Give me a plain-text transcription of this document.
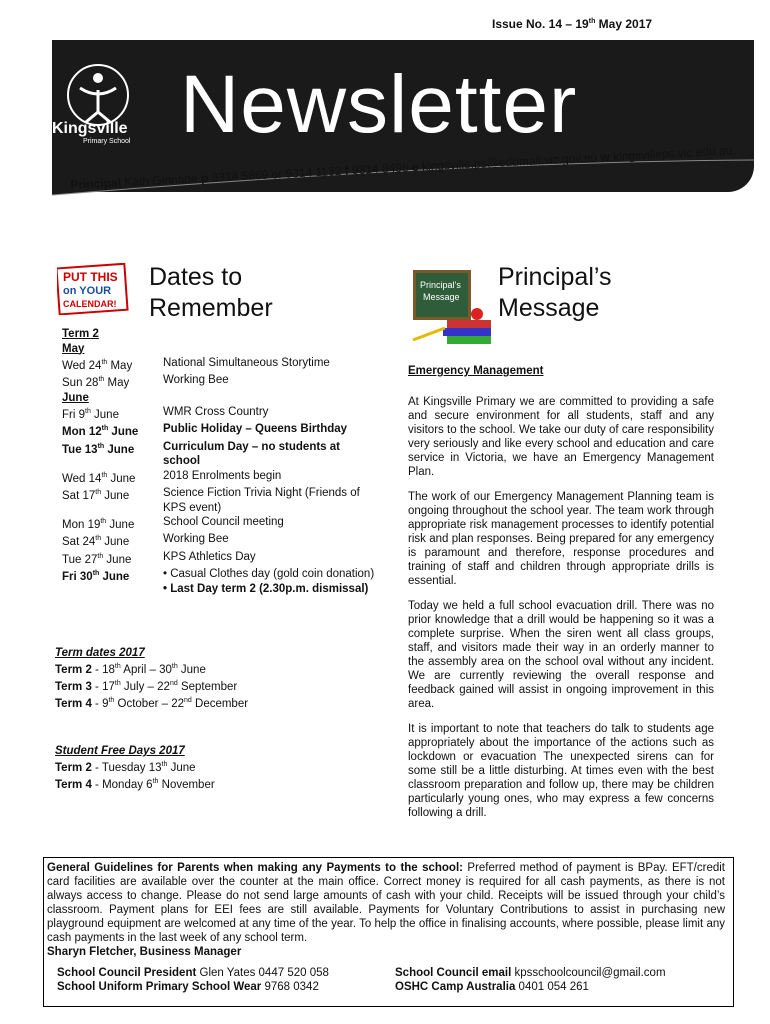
Issue No. 14 – 19th May 2017
Kingsville
Primary School Newsletter
Principal Kath Ginnane p 9314 5869 or 9314 1132 f 9314 8498 e kingsville.ps@edumail.vic.gov.au w kingsvilleps.vic.edu.au
PUT THIS
on YOUR
CALENDAR!
Dates to
Remember
Principal’s
Message
Principal’s
Message
Term 2
May
Wed 24th May	National Simultaneous Storytime
Sun 28th May	Working Bee
June
Fri 9th June	WMR Cross Country
Mon 12th June	Public Holiday – Queens Birthday
Tue 13th June	Curriculum Day – no students at school
Wed 14th June	2018 Enrolments begin
Sat 17th June	Science Fiction Trivia Night (Friends of KPS event)
Mon 19th June	School Council meeting
Sat 24th June	Working Bee
Tue 27th June	KPS Athletics Day
Fri 30th June	• Casual Clothes day (gold coin donation)
• Last Day term 2 (2.30p.m. dismissal)
Term dates 2017
Term 2 - 18th April – 30th June
Term 3 - 17th July – 22nd September
Term 4 - 9th October – 22nd December
Student Free Days 2017
Term 2 - Tuesday 13th June
Term 4 - Monday 6th November
Emergency Management

At Kingsville Primary we are committed to providing a safe and secure environment for all students, staff and any visitors to the school. We take our duty of care responsibility very seriously and like every school and education and care service in Victoria, we have an Emergency Management Plan.

The work of our Emergency Management Planning team is ongoing throughout the school year. The team work through appropriate risk management processes to identify potential risk and plan responses. Being prepared for any emergency is paramount and therefore, response procedures and training of staff and children through appropriate drills is essential.

Today we held a full school evacuation drill. There was no prior knowledge that a drill would be happening so it was a complete surprise. When the siren went all class groups, staff, and visitors made their way in an orderly manner to the assembly area on the school oval without any incident. We are currently reviewing the overall response and feedback gained will assist in ongoing improvement in this area.

It is important to note that teachers do talk to students age appropriately about the importance of the actions such as lockdown or evacuation The unexpected sirens can for some still be a little disturbing. At times even with the best classroom preparation and follow up, there may be children particularly young ones, who may express a few concerns following a drill.

General Guidelines for Parents when making any Payments to the school: Preferred method of payment is BPay. EFT/credit card facilities are available over the counter at the main office. Correct money is required for all cash payments, as there is not always access to change. Please do not send large amounts of cash with your child. Receipts will be issued through your child’s classroom. Payment plans for EEI fees are still available. Payments for Voluntary Contributions to assist in purchasing new playground equipment are welcomed at any time of the year. To help the office in finalising accounts, where possible, please limit any cash payments in the last week of any school term.

Sharyn Fletcher, Business Manager

School Council President Glen Yates 0447 520 058	School Council email kpsschoolcouncil@gmail.com
School Uniform Primary School Wear 9768 0342	OSHC Camp Australia 0401 054 261
